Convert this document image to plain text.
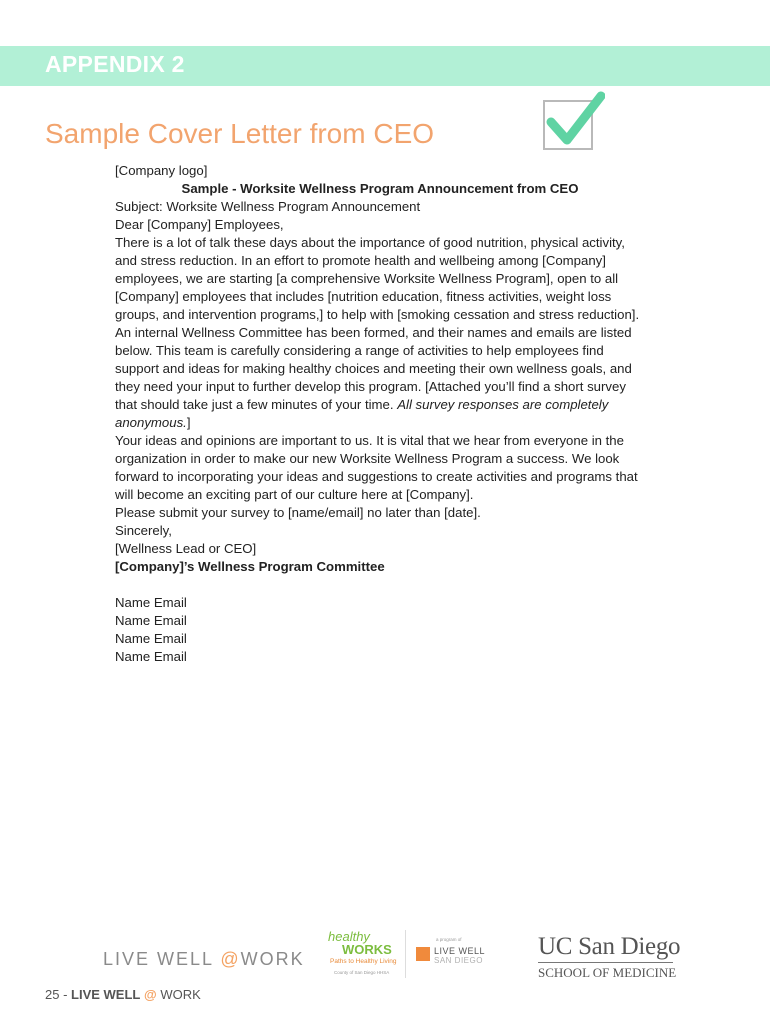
APPENDIX 2
Sample Cover Letter from CEO

[Company logo]

Sample - Worksite Wellness Program Announcement from CEO

Subject: Worksite Wellness Program Announcement

Dear [Company] Employees,

There is a lot of talk these days about the importance of good nutrition, physical activity, and stress reduction. In an effort to promote health and wellbeing among [Company] employees, we are starting [a comprehensive Worksite Wellness Program], open to all [Company] employees that includes [nutrition education, fitness activities, weight loss groups, and intervention programs,] to help with [smoking cessation and stress reduction].

An internal Wellness Committee has been formed, and their names and emails are listed below. This team is carefully considering a range of activities to help employees find support and ideas for making healthy choices and meeting their own wellness goals, and they need your input to further develop this program. [Attached you’ll find a short survey that should take just a few minutes of your time. All survey responses are completely anonymous.]

Your ideas and opinions are important to us. It is vital that we hear from everyone in the organization in order to make our new Worksite Wellness Program a success. We look forward to incorporating your ideas and suggestions to create activities and programs that will become an exciting part of our culture here at [Company].

Please submit your survey to [name/email] no later than [date].

Sincerely,

[Wellness Lead or CEO]

[Company]’s Wellness Program Committee

Name Email
Name Email
Name Email
Name Email
LIVE WELL @WORK
healthy
WORKS
Paths to Healthy Living
County of San Diego HHSA
a program of
LIVE WELL
SAN DIEGO
UC San Diego
SCHOOL OF MEDICINE
25 - LIVE WELL @ WORK
